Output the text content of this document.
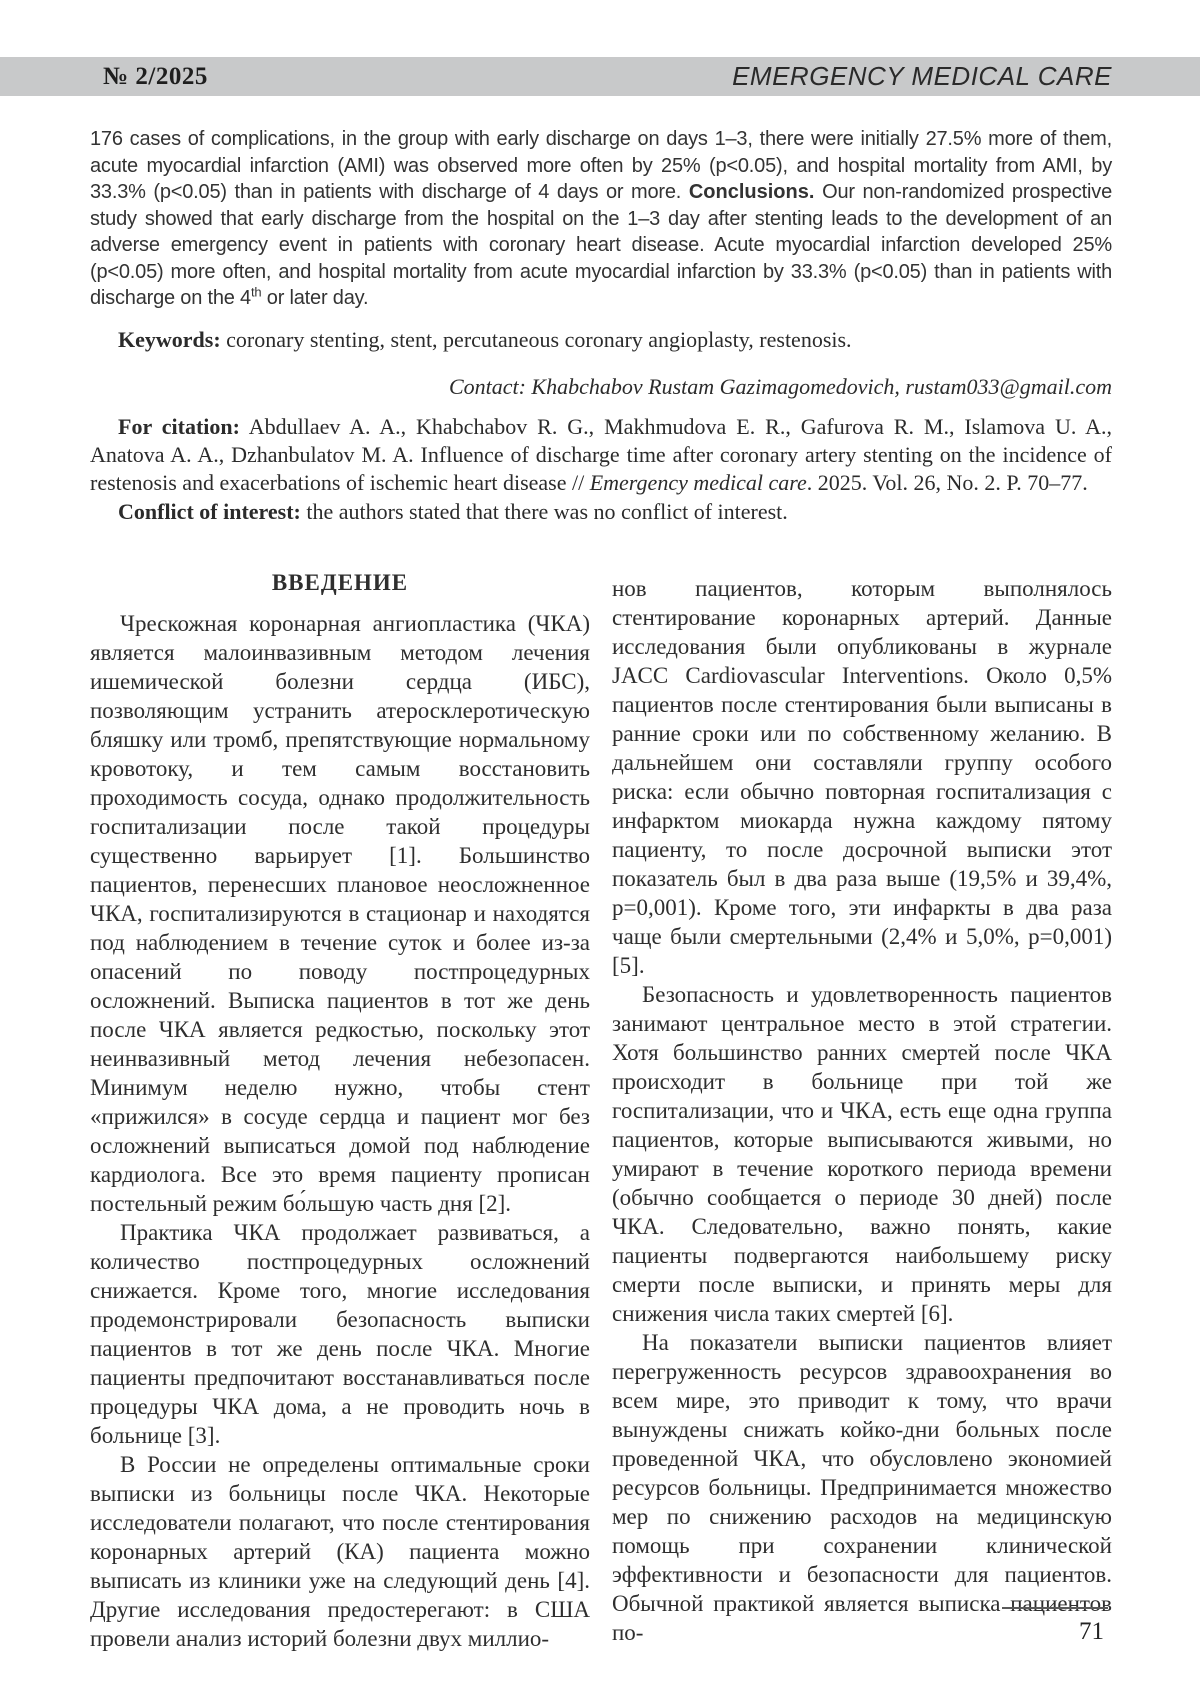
№ 2/2025	EMERGENCY MEDICAL CARE

176 cases of complications, in the group with early discharge on days 1–3, there were initially 27.5% more of them, acute myocardial infarction (AMI) was observed more often by 25% (p<0.05), and hospital mortality from AMI, by 33.3% (p<0.05) than in patients with discharge of 4 days or more. Conclusions. Our non-randomized prospective study showed that early discharge from the hospital on the 1–3 day after stenting leads to the development of an adverse emergency event in patients with coronary heart disease. Acute myocardial infarction developed 25% (p<0.05) more often, and hospital mortality from acute myocardial infarction by 33.3% (p<0.05) than in patients with discharge on the 4th or later day.

Keywords: coronary stenting, stent, percutaneous coronary angioplasty, restenosis.

Contact: Khabchabov Rustam Gazimagomedovich, rustam033@gmail.com

For citation: Abdullaev A. A., Khabchabov R. G., Makhmudova E. R., Gafurova R. M., Islamova U. A., Anatova A. A., Dzhanbulatov M. A. Influence of discharge time after coronary artery stenting on the incidence of restenosis and exacerbations of ischemic heart disease // Emergency medical care. 2025. Vol. 26, No. 2. P. 70–77.

Conflict of interest: the authors stated that there was no conflict of interest.

ВВЕДЕНИЕ

Чрескожная коронарная ангиопластика (ЧКА) является малоинвазивным методом лечения ишемической болезни сердца (ИБС), позволяющим устранить атеросклеротическую бляшку или тромб, препятствующие нормальному кровотоку, и тем самым восстановить проходимость сосуда, однако продолжительность госпитализации после такой процедуры существенно варьирует [1]. Большинство пациентов, перенесших плановое неосложненное ЧКА, госпитализируются в стационар и находятся под наблюдением в течение суток и более из-за опасений по поводу постпроцедурных осложнений. Выписка пациентов в тот же день после ЧКА является редкостью, поскольку этот неинвазивный метод лечения небезопасен. Минимум неделю нужно, чтобы стент «прижился» в сосуде сердца и пациент мог без осложнений выписаться домой под наблюдение кардиолога. Все это время пациенту прописан постельный режим бо́льшую часть дня [2].

Практика ЧКА продолжает развиваться, а количество постпроцедурных осложнений снижается. Кроме того, многие исследования продемонстрировали безопасность выписки пациентов в тот же день после ЧКА. Многие пациенты предпочитают восстанавливаться после процедуры ЧКА дома, а не проводить ночь в больнице [3].

В России не определены оптимальные сроки выписки из больницы после ЧКА. Некоторые исследователи полагают, что после стентирования коронарных артерий (КА) пациента можно выписать из клиники уже на следующий день [4]. Другие исследования предостерегают: в США провели анализ историй болезни двух миллио-

нов пациентов, которым выполнялось стентирование коронарных артерий. Данные исследования были опубликованы в журнале JACC Cardiovascular Interventions. Около 0,5% пациентов после стентирования были выписаны в ранние сроки или по собственному желанию. В дальнейшем они составляли группу особого риска: если обычно повторная госпитализация с инфарктом миокарда нужна каждому пятому пациенту, то после досрочной выписки этот показатель был в два раза выше (19,5% и 39,4%, р=0,001). Кроме того, эти инфаркты в два раза чаще были смертельными (2,4% и 5,0%, р=0,001) [5].

Безопасность и удовлетворенность пациентов занимают центральное место в этой стратегии. Хотя большинство ранних смертей после ЧКА происходит в больнице при той же госпитализации, что и ЧКА, есть еще одна группа пациентов, которые выписываются живыми, но умирают в течение короткого периода времени (обычно сообщается о периоде 30 дней) после ЧКА. Следовательно, важно понять, какие пациенты подвергаются наибольшему риску смерти после выписки, и принять меры для снижения числа таких смертей [6].

На показатели выписки пациентов влияет перегруженность ресурсов здравоохранения во всем мире, это приводит к тому, что врачи вынуждены снижать койко-дни больных после проведенной ЧКА, что обусловлено экономией ресурсов больницы. Предпринимается множество мер по снижению расходов на медицинскую помощь при сохранении клинической эффективности и безопасности для пациентов. Обычной практикой является выписка пациентов по-	71
